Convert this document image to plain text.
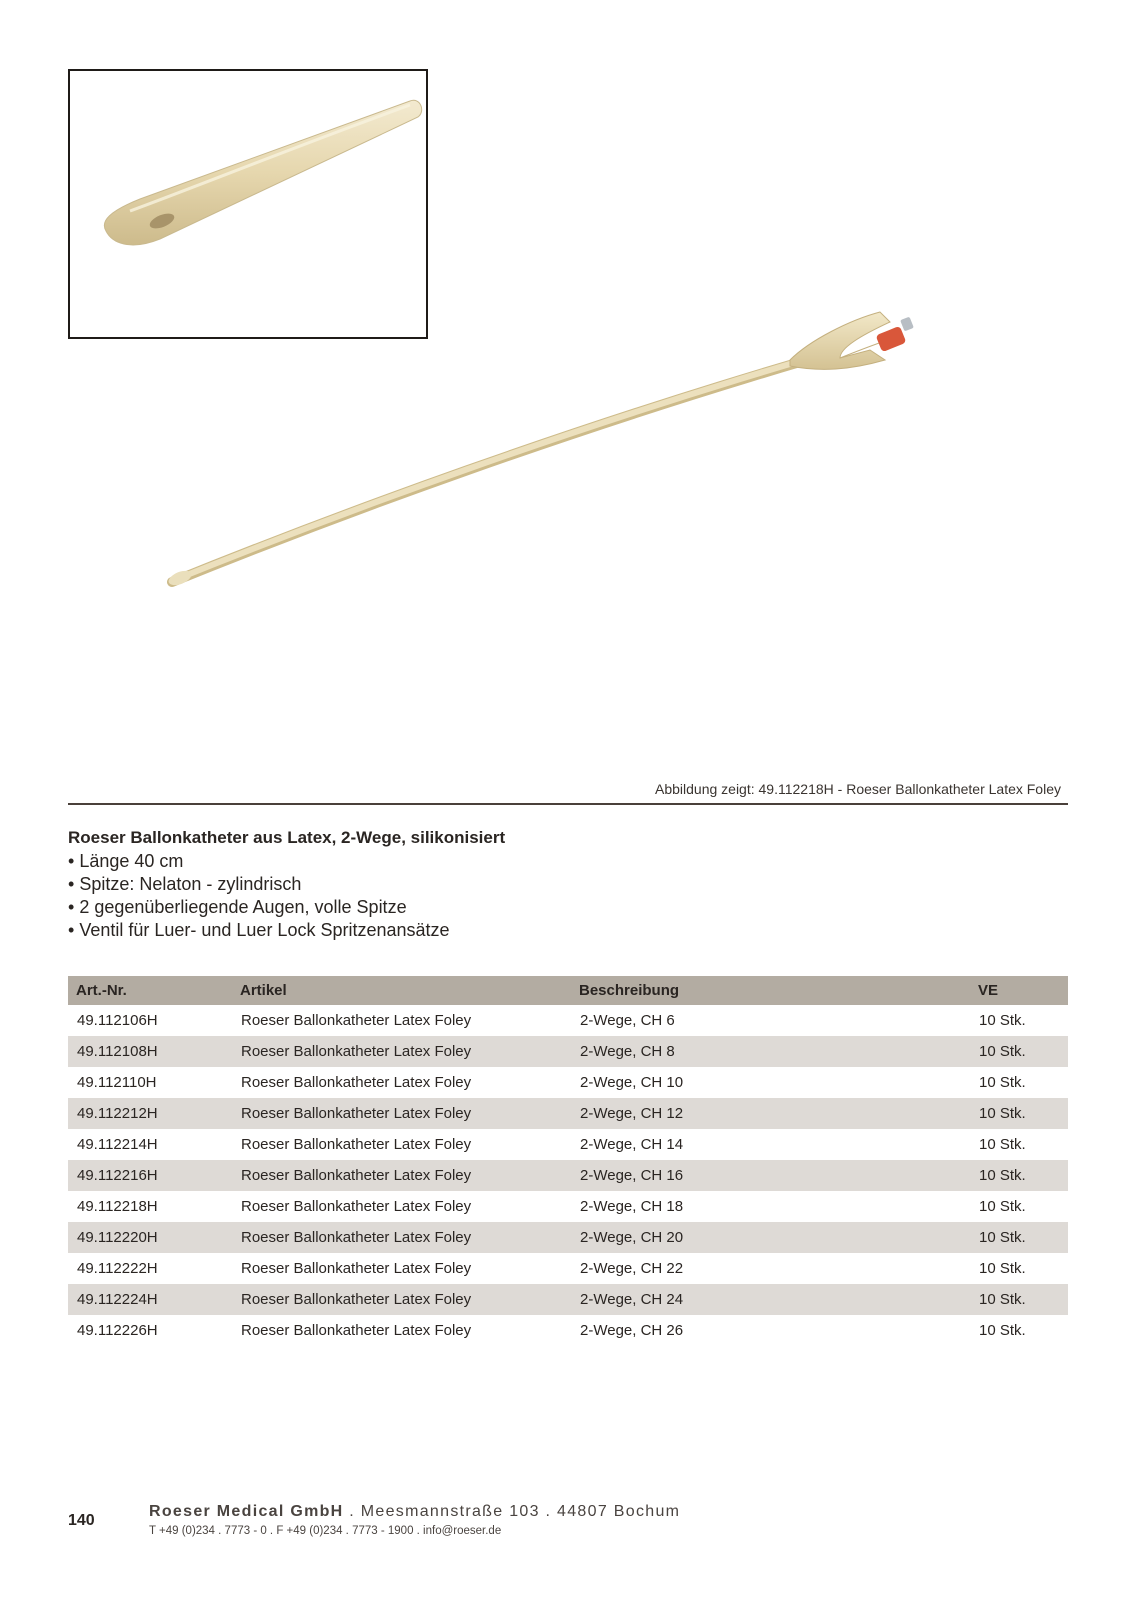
Abbildung zeigt: 49.112218H - Roeser Ballonkatheter Latex Foley
Roeser Ballonkatheter aus Latex, 2-Wege, silikonisiert
• Länge 40 cm
• Spitze: Nelaton - zylindrisch
• 2 gegenüberliegende Augen, volle Spitze
• Ventil für Luer- und Luer Lock Spritzenansätze
Art.-Nr.	Artikel	Beschreibung	VE
49.112106H	Roeser Ballonkatheter Latex Foley	2-Wege, CH 6	10 Stk.
49.112108H	Roeser Ballonkatheter Latex Foley	2-Wege, CH 8	10 Stk.
49.112110H	Roeser Ballonkatheter Latex Foley	2-Wege, CH 10	10 Stk.
49.112212H	Roeser Ballonkatheter Latex Foley	2-Wege, CH 12	10 Stk.
49.112214H	Roeser Ballonkatheter Latex Foley	2-Wege, CH 14	10 Stk.
49.112216H	Roeser Ballonkatheter Latex Foley	2-Wege, CH 16	10 Stk.
49.112218H	Roeser Ballonkatheter Latex Foley	2-Wege, CH 18	10 Stk.
49.112220H	Roeser Ballonkatheter Latex Foley	2-Wege, CH 20	10 Stk.
49.112222H	Roeser Ballonkatheter Latex Foley	2-Wege, CH 22	10 Stk.
49.112224H	Roeser Ballonkatheter Latex Foley	2-Wege, CH 24	10 Stk.
49.112226H	Roeser Ballonkatheter Latex Foley	2-Wege, CH 26	10 Stk.
140
Roeser Medical GmbH . Meesmannstraße 103 . 44807 Bochum
T +49 (0)234 . 7773 - 0 . F +49 (0)234 . 7773 - 1900 . info@roeser.de
